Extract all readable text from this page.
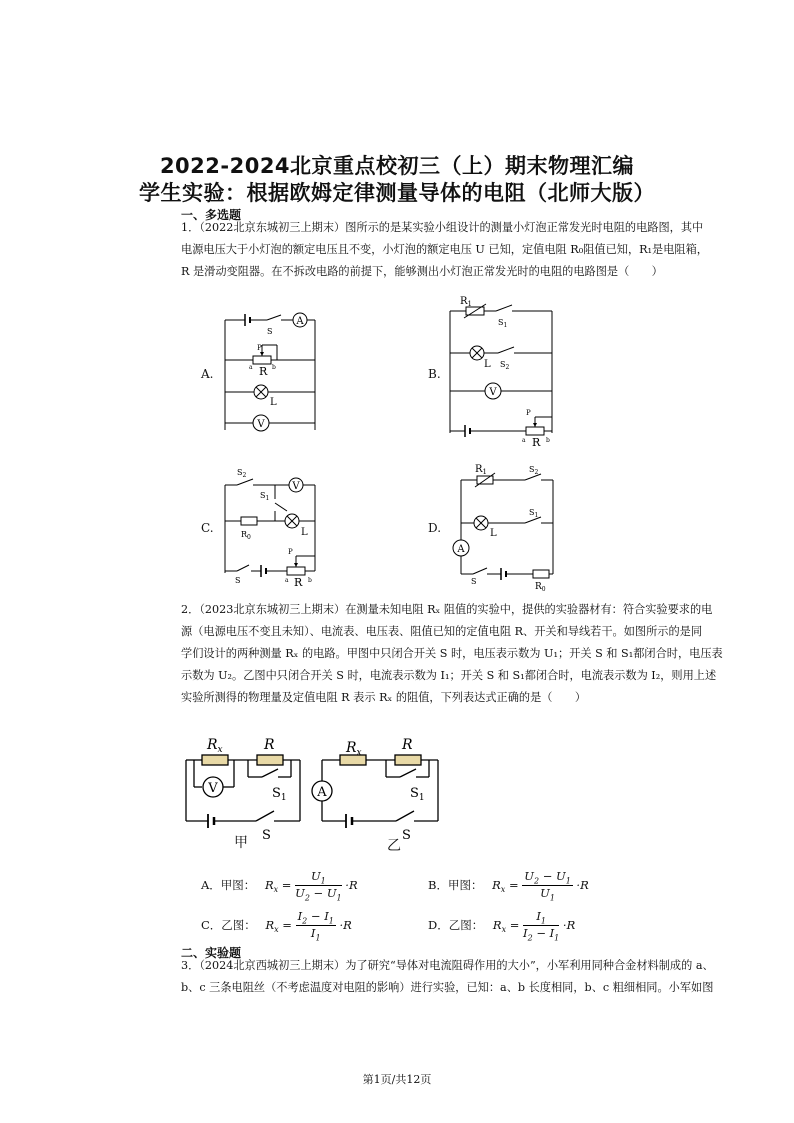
2022-2024北京重点校初三（上）期末物理汇编
学生实验：根据欧姆定律测量导体的电阻（北师大版）
一、多选题
1．（2022北京东城初三上期末）图所示的是某实验小组设计的测量小灯泡正常发光时电阻的电路图，其中
电源电压大于小灯泡的额定电压且不变，小灯泡的额定电压 U 已知，定值电阻 R₀阻值已知，R₁是电阻箱，
R 是滑动变阻器。在不拆改电路的前提下，能够测出小灯泡正常发光时的电阻的电路图是（　　）
A.	B.
C.	D.
A
V
S
P
R
a	b
L
$R_1$
$S_1$
L $S_2$
V
P
R
a	b
$S_2$
$S_1$
V
$R_0$	L
S
P
R
a	b
A
$R_1$	$S_2$
$S_1$
L
S
$R_0$
2．（2023北京东城初三上期末）在测量未知电阻 Rₓ 阻值的实验中，提供的实验器材有：符合实验要求的电
源（电源电压不变且未知）、电流表、电压表、阻值已知的定值电阻 R、开关和导线若干。如图所示的是同
学们设计的两种测量 Rₓ 的电路。甲图中只闭合开关 S 时，电压表示数为 U₁；开关 S 和 S₁都闭合时，电压表
示数为 U₂。乙图中只闭合开关 S 时，电流表示数为 I₁；开关 S 和 S₁都闭合时，电流表示数为 I₂，则用上述
实验所测得的物理量及定值电阻 R 表示 Rₓ 的阻值，下列表达式正确的是（　　）
V	A
$R_x$	R
$S_1$
S
$R_x$	R
$S_1$
S
甲	乙
A．甲图： $R_x = \frac{U_1}{U_2 - U_1} \cdot R$	B．甲图： $R_x = \frac{U_2 - U_1}{U_1} \cdot R$
C．乙图： $R_x = \frac{I_2 - I_1}{I_1} \cdot R$	D．乙图： $R_x = \frac{I_1}{I_2 - I_1} \cdot R$
二、实验题
3．（2024北京西城初三上期末）为了研究“导体对电流阻碍作用的大小”，小军利用同种合金材料制成的 a、
b、c 三条电阻丝（不考虑温度对电阻的影响）进行实验，已知：a、b 长度相同，b、c 粗细相同。小军如图
第1页/共12页
